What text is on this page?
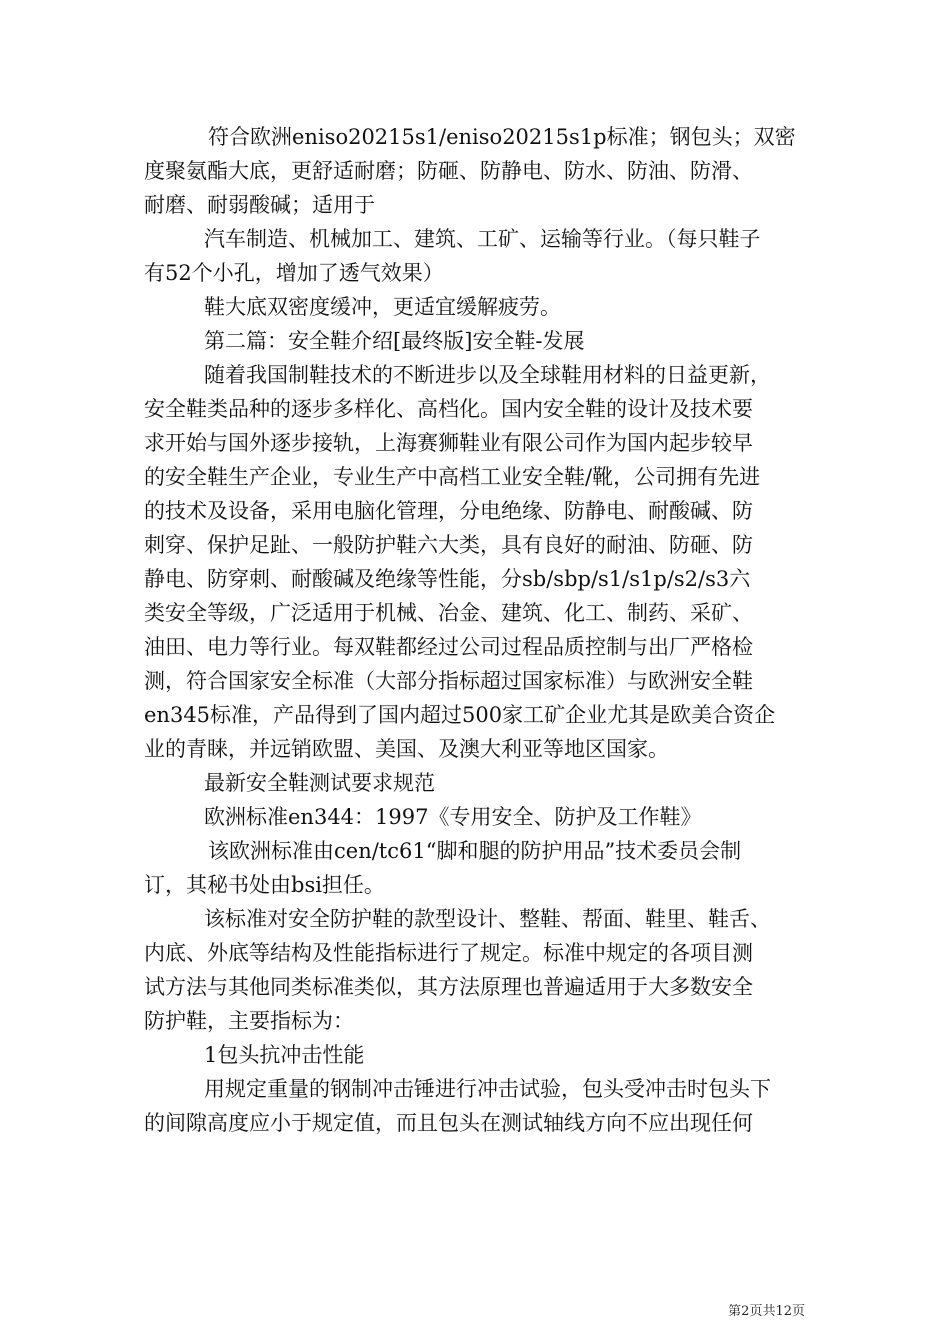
符合欧洲eniso20215s1/eniso20215s1p标准；钢包头；双密

度聚氨酯大底，更舒适耐磨；防砸、防静电、防水、防油、防滑、

耐磨、耐弱酸碱；适用于

汽车制造、机械加工、建筑、工矿、运输等行业。（每只鞋子

有52个小孔，增加了透气效果）

鞋大底双密度缓冲，更适宜缓解疲劳。

第二篇：安全鞋介绍[最终版]安全鞋-发展

随着我国制鞋技术的不断进步以及全球鞋用材料的日益更新，

安全鞋类品种的逐步多样化、高档化。国内安全鞋的设计及技术要

求开始与国外逐步接轨，上海赛狮鞋业有限公司作为国内起步较早

的安全鞋生产企业，专业生产中高档工业安全鞋/靴，公司拥有先进

的技术及设备，采用电脑化管理，分电绝缘、防静电、耐酸碱、防

刺穿、保护足趾、一般防护鞋六大类，具有良好的耐油、防砸、防

静电、防穿刺、耐酸碱及绝缘等性能，分sb/sbp/s1/s1p/s2/s3六

类安全等级，广泛适用于机械、冶金、建筑、化工、制药、采矿、

油田、电力等行业。每双鞋都经过公司过程品质控制与出厂严格检

测，符合国家安全标准（大部分指标超过国家标准）与欧洲安全鞋

en345标准，产品得到了国内超过500家工矿企业尤其是欧美合资企

业的青睐，并远销欧盟、美国、及澳大利亚等地区国家。

最新安全鞋测试要求规范

欧洲标准en344：1997《专用安全、防护及工作鞋》

该欧洲标准由cen/tc61“脚和腿的防护用品”技术委员会制

订，其秘书处由bsi担任。

该标准对安全防护鞋的款型设计、整鞋、帮面、鞋里、鞋舌、

内底、外底等结构及性能指标进行了规定。标准中规定的各项目测

试方法与其他同类标准类似，其方法原理也普遍适用于大多数安全

防护鞋，主要指标为：

1包头抗冲击性能

用规定重量的钢制冲击锤进行冲击试验，包头受冲击时包头下

的间隙高度应小于规定值，而且包头在测试轴线方向不应出现任何

第2页共12页
